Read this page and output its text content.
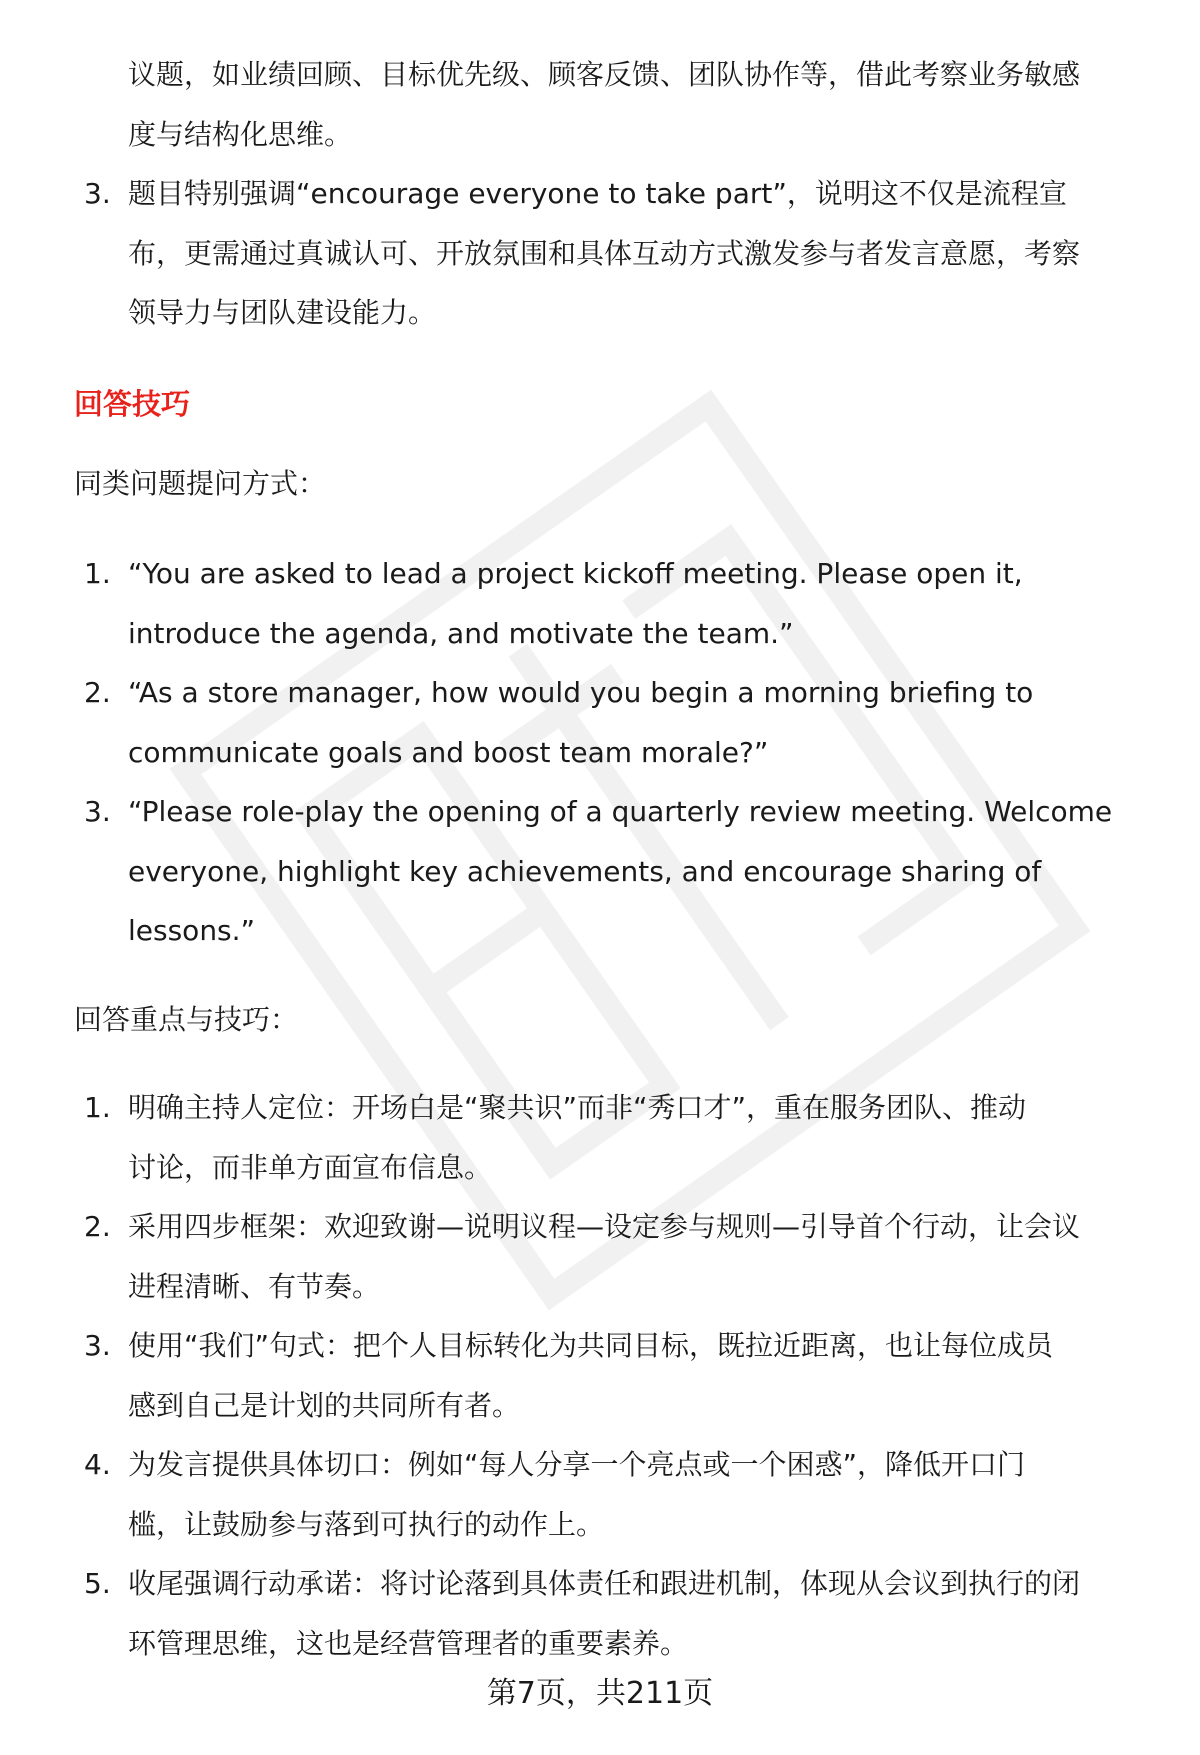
议题，如业绩回顾、目标优先级、顾客反馈、团队协作等，借此考察业务敏感
度与结构化思维。
3. 题目特别强调“encourage everyone to take part”，说明这不仅是流程宣
布，更需通过真诚认可、开放氛围和具体互动方式激发参与者发言意愿，考察
领导力与团队建设能力。
回答技巧
同类问题提问方式：
1. “You are asked to lead a project kickoff meeting. Please open it,
introduce the agenda, and motivate the team.”
2. “As a store manager, how would you begin a morning briefing to
communicate goals and boost team morale?”
3. “Please role-play the opening of a quarterly review meeting. Welcome
everyone, highlight key achievements, and encourage sharing of
lessons.”
回答重点与技巧：
1. 明确主持人定位：开场白是“聚共识”而非“秀口才”，重在服务团队、推动
讨论，而非单方面宣布信息。
2. 采用四步框架：欢迎致谢—说明议程—设定参与规则—引导首个行动，让会议
进程清晰、有节奏。
3. 使用“我们”句式：把个人目标转化为共同目标，既拉近距离，也让每位成员
感到自己是计划的共同所有者。
4. 为发言提供具体切口：例如“每人分享一个亮点或一个困惑”，降低开口门
槛，让鼓励参与落到可执行的动作上。
5. 收尾强调行动承诺：将讨论落到具体责任和跟进机制，体现从会议到执行的闭
环管理思维，这也是经营管理者的重要素养。
第7页，共211页
